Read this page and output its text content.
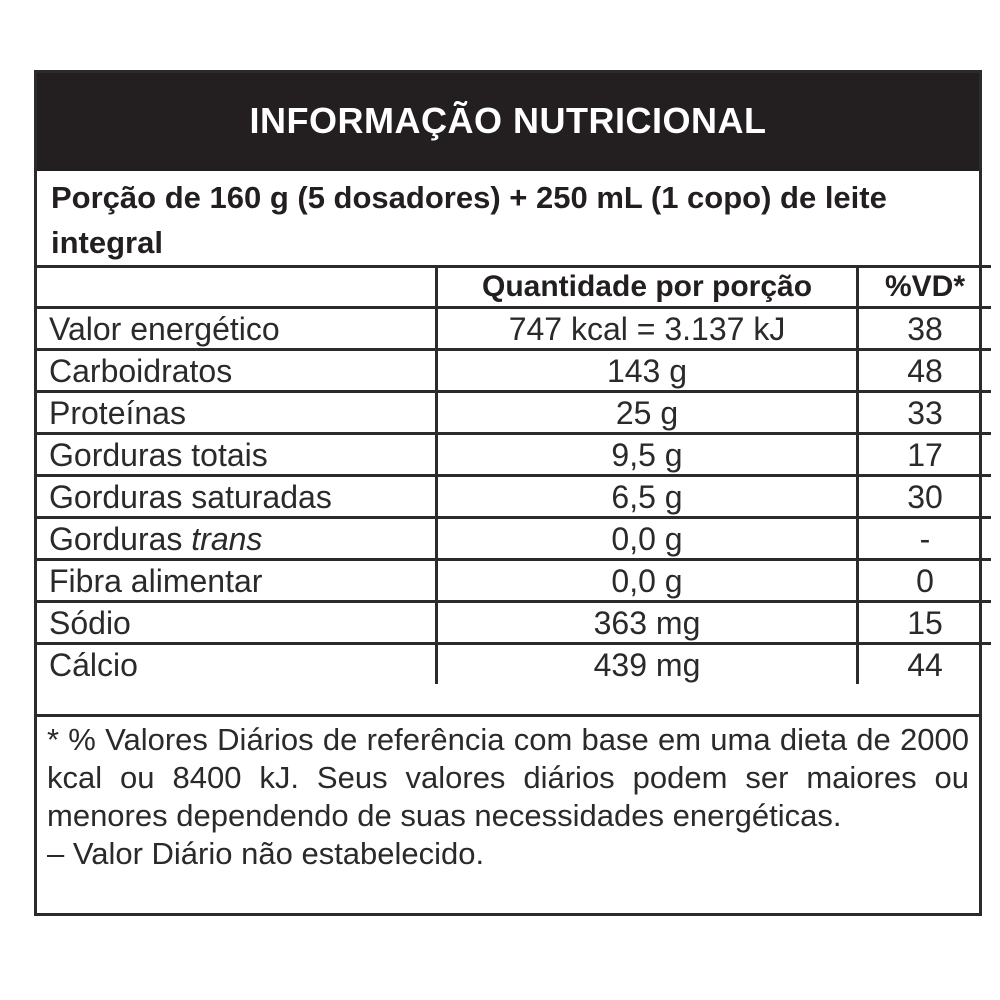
INFORMAÇÃO NUTRICIONAL
Porção de 160 g (5 dosadores) + 250 mL (1 copo) de leite integral
	Quantidade por porção	%VD*
Valor energético	747 kcal = 3.137 kJ	38
Carboidratos	143 g	48
Proteínas	25 g	33
Gorduras totais	9,5 g	17
Gorduras saturadas	6,5 g	30
Gorduras trans	0,0 g	-
Fibra alimentar	0,0 g	0
Sódio	363 mg	15
Cálcio	439 mg	44

* % Valores Diários de referência com base em uma dieta de 2000 kcal ou 8400 kJ. Seus valores diários podem ser maiores ou menores dependendo de suas necessidades energéticas.

– Valor Diário não estabelecido.
